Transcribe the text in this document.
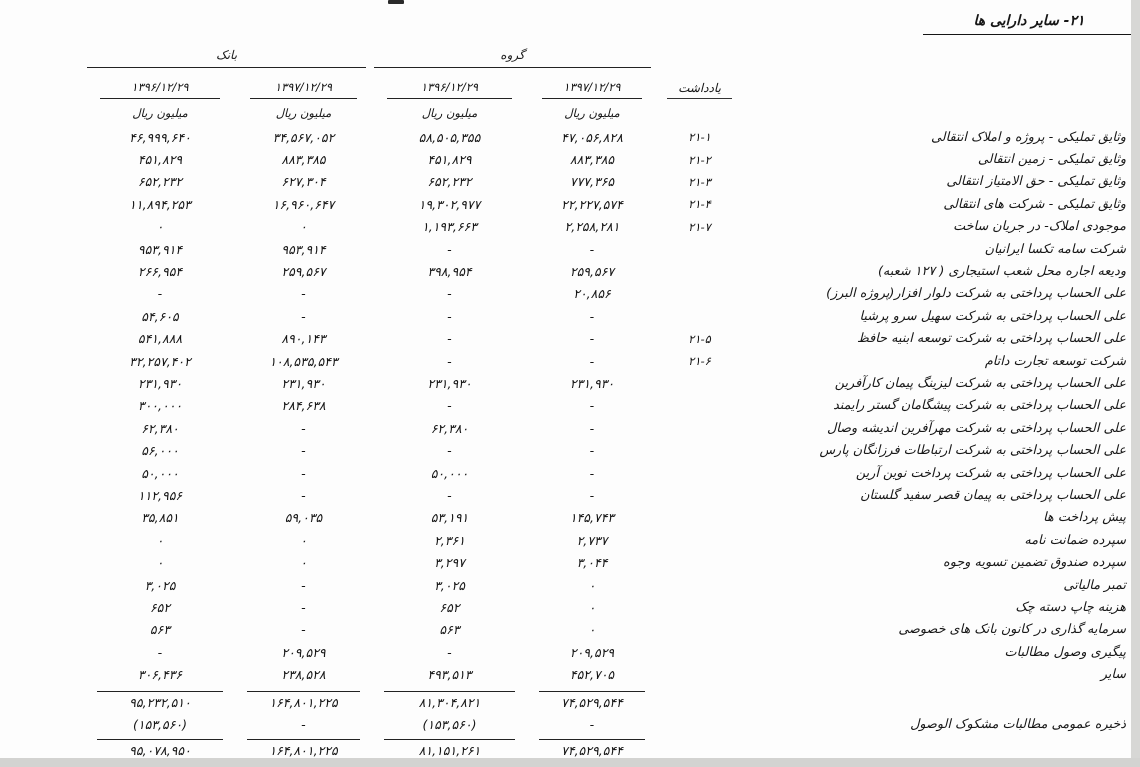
۲۱- سایر دارایی ها
بانک	گروه
۱۳۹۶/۱۲/۲۹	۱۳۹۷/۱۲/۲۹	۱۳۹۶/۱۲/۲۹	۱۳۹۷/۱۲/۲۹	یادداشت
میلیون ریال	میلیون ریال	میلیون ریال	میلیون ریال
۴۶,۹۹۹,۶۴۰	۳۴,۵۶۷,۰۵۲	۵۸,۵۰۵,۳۵۵	۴۷,۰۵۶,۸۲۸	۲۱-۱	وثایق تملیکی - پروژه و املاک انتقالی
۴۵۱,۸۲۹	۸۸۳,۳۸۵	۴۵۱,۸۲۹	۸۸۳,۳۸۵	۲۱-۲	وثایق تملیکی - زمین انتقالی
۶۵۲,۲۳۲	۶۲۷,۳۰۴	۶۵۲,۲۳۲	۷۷۷,۳۶۵	۲۱-۳	وثایق تملیکی - حق الامتیاز انتقالی
۱۱,۸۹۴,۲۵۳	۱۶,۹۶۰,۶۴۷	۱۹,۳۰۲,۹۷۷	۲۲,۲۲۷,۵۷۴	۲۱-۴	وثایق تملیکی - شرکت های انتقالی
۰	۰	۱,۱۹۳,۶۶۳	۲,۲۵۸,۲۸۱	۲۱-۷	موجودی املاک- در جریان ساخت
۹۵۳,۹۱۴	۹۵۳,۹۱۴	-	-	شرکت سامه تکسا ایرانیان
۲۶۶,۹۵۴	۲۵۹,۵۶۷	۳۹۸,۹۵۴	۲۵۹,۵۶۷	ودیعه اجاره محل شعب استیجاری ( ۱۲۷ شعبه)
-	-	-	۲۰,۸۵۶	علی الحساب پرداختی به شرکت دلوار افزار(پروژه البرز)
۵۴,۶۰۵	-	-	-	علی الحساب پرداختی به شرکت سهیل سرو پرشیا
۵۴۱,۸۸۸	۸۹۰,۱۴۳	-	-	۲۱-۵	علی الحساب پرداختی به شرکت توسعه ابنیه حافظ
۳۲,۲۵۷,۴۰۲	۱۰۸,۵۳۵,۵۴۳	-	-	۲۱-۶	شرکت توسعه تجارت داتام
۲۳۱,۹۳۰	۲۳۱,۹۳۰	۲۳۱,۹۳۰	۲۳۱,۹۳۰	علی الحساب پرداختی به شرکت لیزینگ پیمان کارآفرین
۳۰۰,۰۰۰	۲۸۴,۶۳۸	-	-	علی الحساب پرداختی به شرکت پیشگامان گستر رایمند
۶۲,۳۸۰	-	۶۲,۳۸۰	-	علی الحساب پرداختی به شرکت مهرآفرین اندیشه وصال
۵۶,۰۰۰	-	-	-	علی الحساب پرداختی به شرکت ارتباطات فرزانگان پارس
۵۰,۰۰۰	-	۵۰,۰۰۰	-	علی الحساب پرداختی به شرکت پرداخت نوین آرین
۱۱۲,۹۵۶	-	-	-	علی الحساب پرداختی به پیمان قصر سفید گلستان
۳۵,۸۵۱	۵۹,۰۳۵	۵۳,۱۹۱	۱۴۵,۷۴۳	پیش پرداخت ها
۰	۰	۲,۳۶۱	۲,۷۳۷	سپرده ضمانت نامه
۰	۰	۳,۲۹۷	۳,۰۴۴	سپرده صندوق تضمین تسویه وجوه
۳,۰۲۵	-	۳,۰۲۵	۰	تمبر مالیاتی
۶۵۲	-	۶۵۲	۰	هزینه چاپ دسته چک
۵۶۳	-	۵۶۳	۰	سرمایه گذاری در کانون بانک های خصوصی
-	۲۰۹,۵۲۹	-	۲۰۹,۵۲۹	پیگیری وصول مطالبات
۳۰۶,۴۳۶	۲۳۸,۵۲۸	۴۹۳,۵۱۳	۴۵۲,۷۰۵	سایر
۹۵,۲۳۲,۵۱۰	۱۶۴,۸۰۱,۲۲۵	۸۱,۳۰۴,۸۲۱	۷۴,۵۲۹,۵۴۴
(۱۵۳,۵۶۰)	-	(۱۵۳,۵۶۰)	-	ذخیره عمومی مطالبات مشکوک الوصول
۹۵,۰۷۸,۹۵۰	۱۶۴,۸۰۱,۲۲۵	۸۱,۱۵۱,۲۶۱	۷۴,۵۲۹,۵۴۴
